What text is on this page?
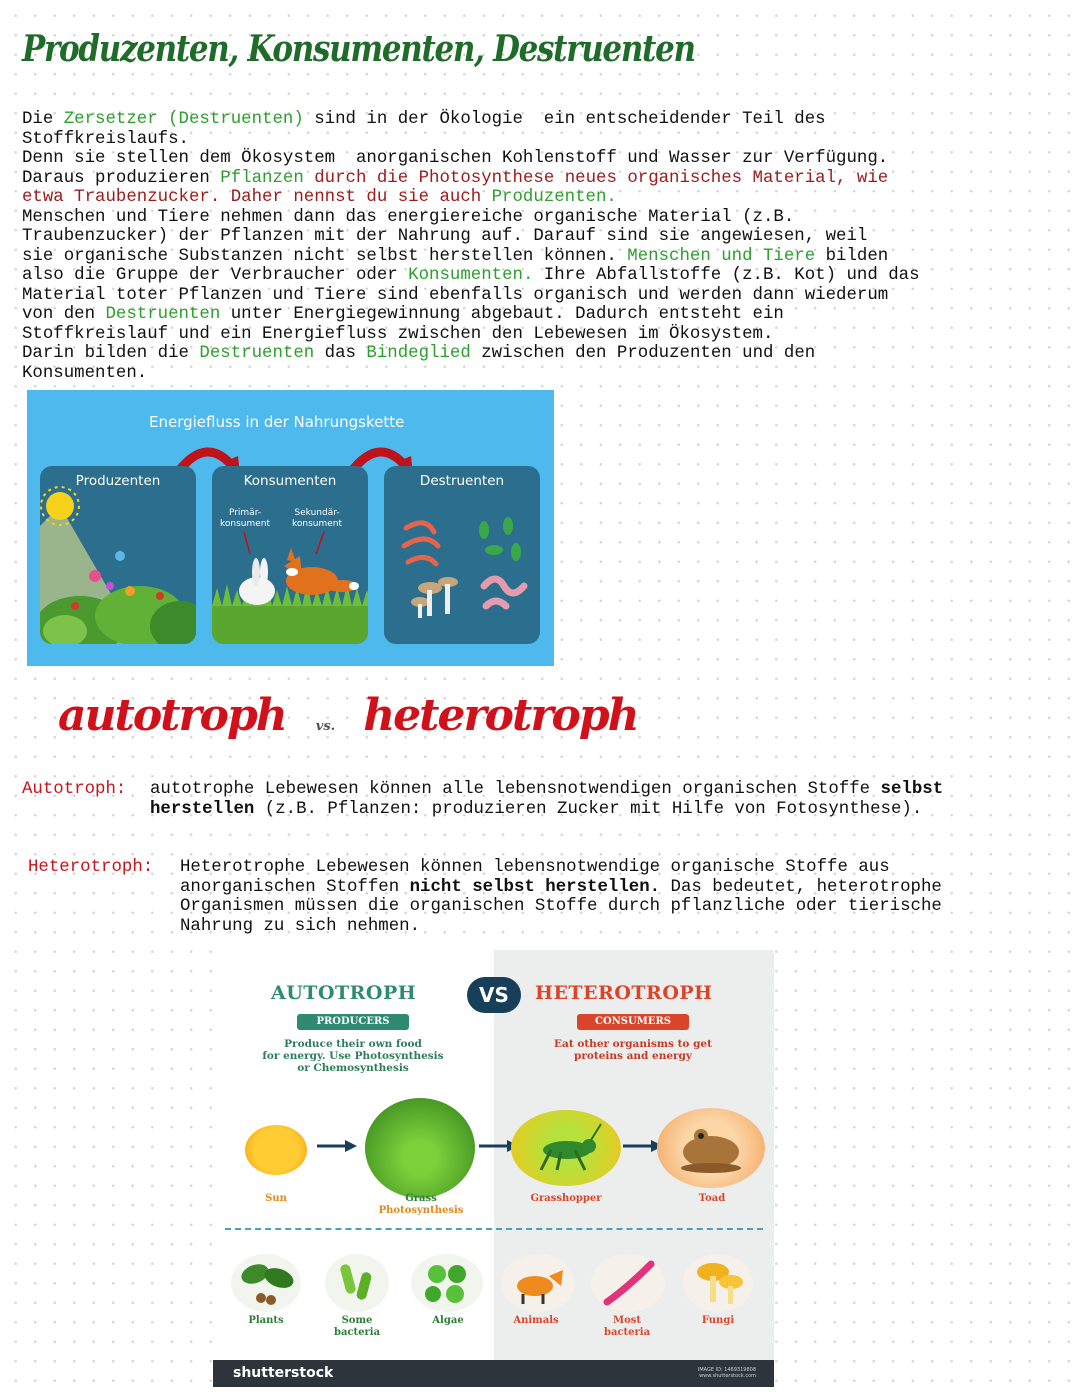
Produzenten, Konsumenten, Destruenten
Die Zersetzer (Destruenten) sind in der Ökologie  ein entscheidender Teil des
Stoffkreislaufs.
Denn sie stellen dem Ökosystem  anorganischen Kohlenstoff und Wasser zur Verfügung.
Daraus produzieren Pflanzen durch die Photosynthese neues organisches Material, wie
etwa Traubenzucker. Daher nennst du sie auch Produzenten.
Menschen und Tiere nehmen dann das energiereiche organische Material (z.B.
Traubenzucker) der Pflanzen mit der Nahrung auf. Darauf sind sie angewiesen, weil
sie organische Substanzen nicht selbst herstellen können. Menschen und Tiere bilden
also die Gruppe der Verbraucher oder Konsumenten. Ihre Abfallstoffe (z.B. Kot) und das
Material toter Pflanzen und Tiere sind ebenfalls organisch und werden dann wiederum
von den Destruenten unter Energiegewinnung abgebaut. Dadurch entsteht ein
Stoffkreislauf und ein Energiefluss zwischen den Lebewesen im Ökosystem.
Darin bilden die Destruenten das Bindeglied zwischen den Produzenten und den
Konsumenten.
Energiefluss in der Nahrungskette
Produzenten	Konsumenten
Primär-
konsument
Sekundär-
konsument
Destruenten
autotroph vs. heterotroph
Autotroph: autotrophe Lebewesen können alle lebensnotwendigen organischen Stoffe selbst
herstellen (z.B. Pflanzen: produzieren Zucker mit Hilfe von Fotosynthese).
Heterotroph: Heterotrophe Lebewesen können lebensnotwendige organische Stoffe aus
anorganischen Stoffen nicht selbst herstellen. Das bedeutet, heterotrophe
Organismen müssen die organischen Stoffe durch pflanzliche oder tierische
Nahrung zu sich nehmen.
AUTOTROPH	VS	HETEROTROPH
PRODUCERS	CONSUMERS
Produce their own food
for energy. Use Photosynthesis
or Chemosynthesis
Eat other organisms to get
proteins and energy
Sun	Grass
Photosynthesis
Grasshopper	Toad
Plants	Some
bacteria
Algae	Animals	Most
bacteria
Fungi
shutterstock	IMAGE ID: 1469319808
www.shutterstock.com
